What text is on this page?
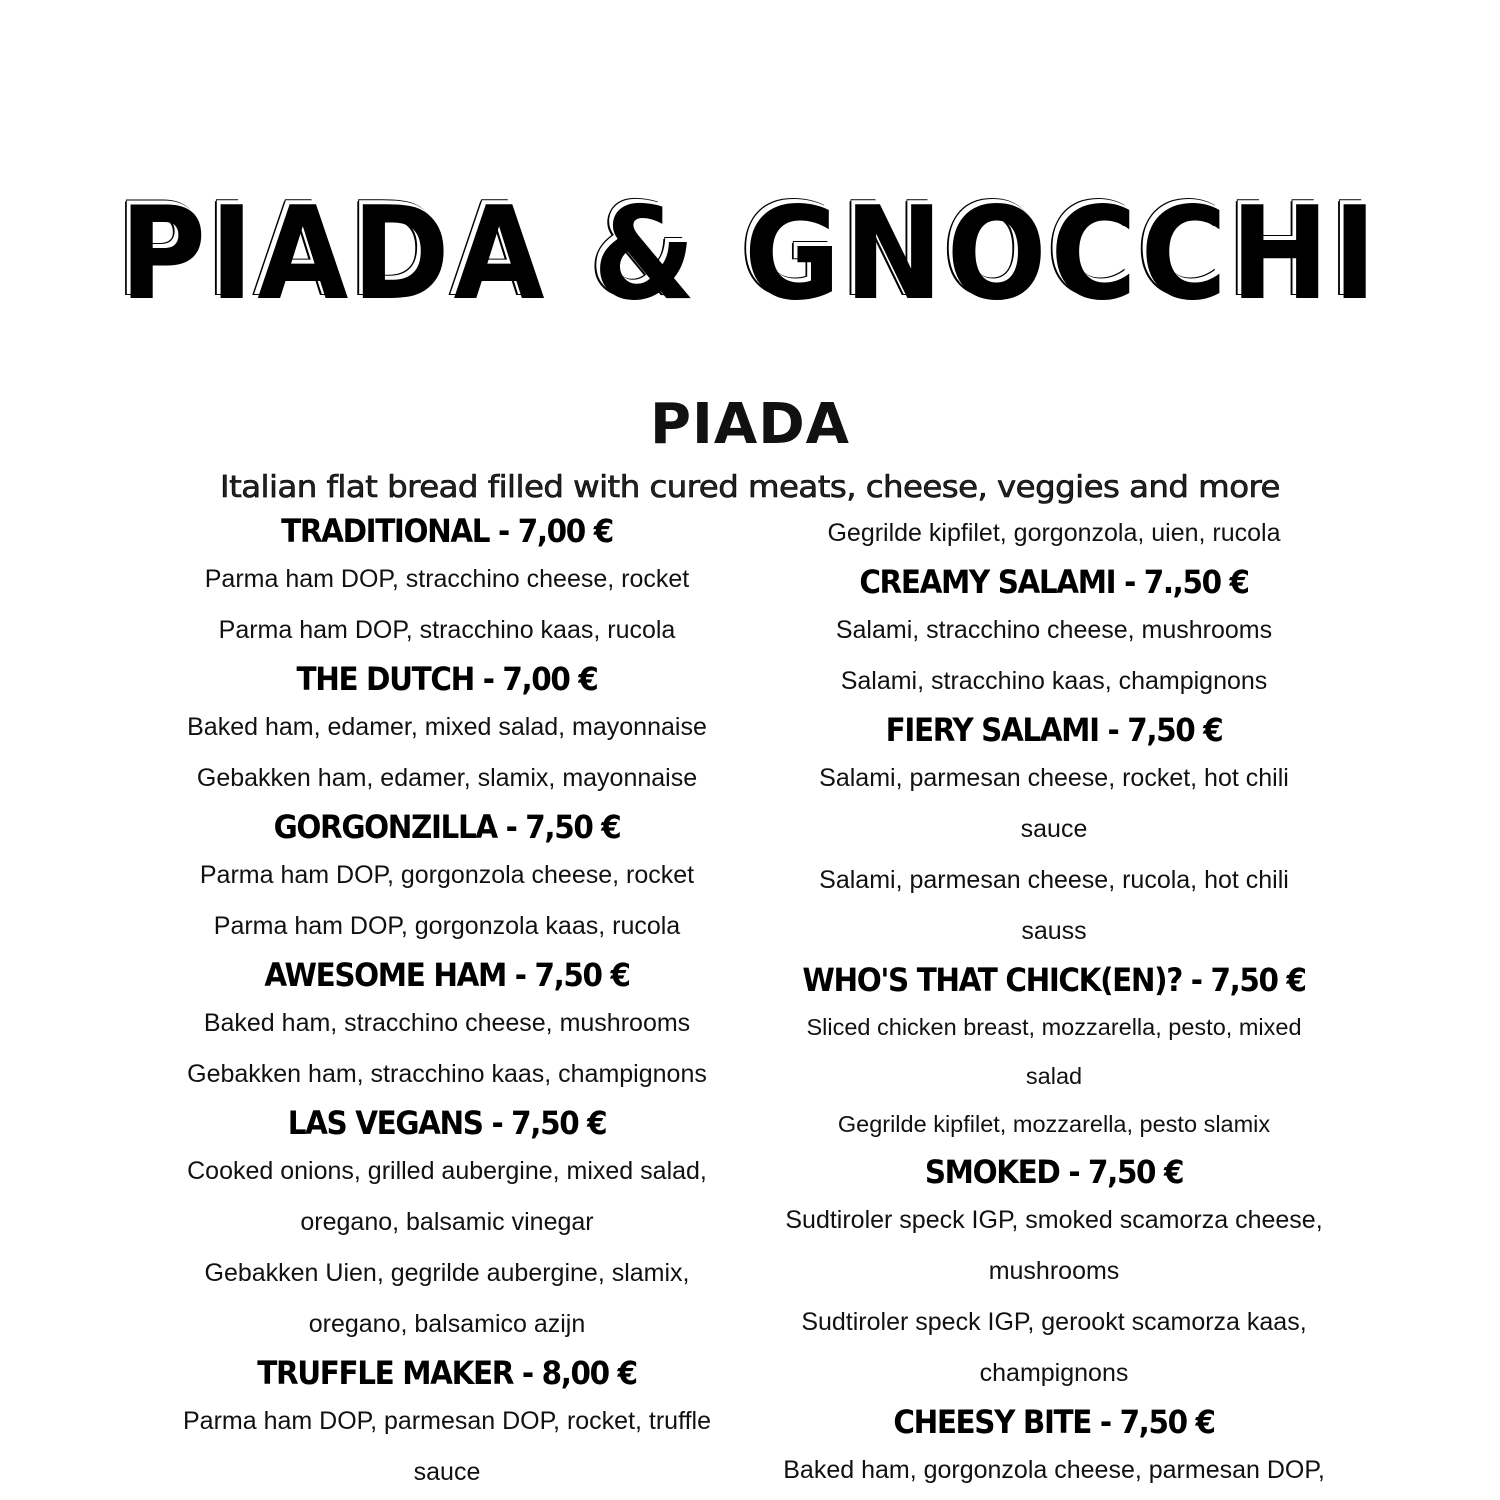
PIADA & GNOCCHI
PIADA
Italian flat bread filled with cured meats, cheese, veggies and more
TRADITIONAL - 7,00 €
Parma ham DOP, stracchino cheese, rocket
Parma ham DOP, stracchino kaas, rucola
THE DUTCH - 7,00 €
Baked ham, edamer, mixed salad, mayonnaise
Gebakken ham, edamer, slamix, mayonnaise
GORGONZILLA - 7,50 €
Parma ham DOP, gorgonzola cheese, rocket
Parma ham DOP, gorgonzola kaas, rucola
AWESOME HAM - 7,50 €
Baked ham, stracchino cheese, mushrooms
Gebakken ham, stracchino kaas, champignons
LAS VEGANS - 7,50 €
Cooked onions, grilled aubergine, mixed salad,
oregano, balsamic vinegar
Gebakken Uien, gegrilde aubergine, slamix,
oregano, balsamico azijn
TRUFFLE MAKER - 8,00 €
Parma ham DOP, parmesan DOP, rocket, truffle
sauce
Gegrilde kipfilet, gorgonzola, uien, rucola
CREAMY SALAMI - 7.,50 €
Salami, stracchino cheese, mushrooms
Salami, stracchino kaas, champignons
FIERY SALAMI - 7,50 €
Salami, parmesan cheese, rocket, hot chili
sauce
Salami, parmesan cheese, rucola, hot chili
sauss
WHO'S THAT CHICK(EN)? - 7,50 €
Sliced chicken breast, mozzarella, pesto, mixed
salad
Gegrilde kipfilet, mozzarella, pesto slamix
SMOKED - 7,50 €
Sudtiroler speck IGP, smoked scamorza cheese,
mushrooms
Sudtiroler speck IGP, gerookt scamorza kaas,
champignons
CHEESY BITE - 7,50 €
Baked ham, gorgonzola cheese, parmesan DOP,
